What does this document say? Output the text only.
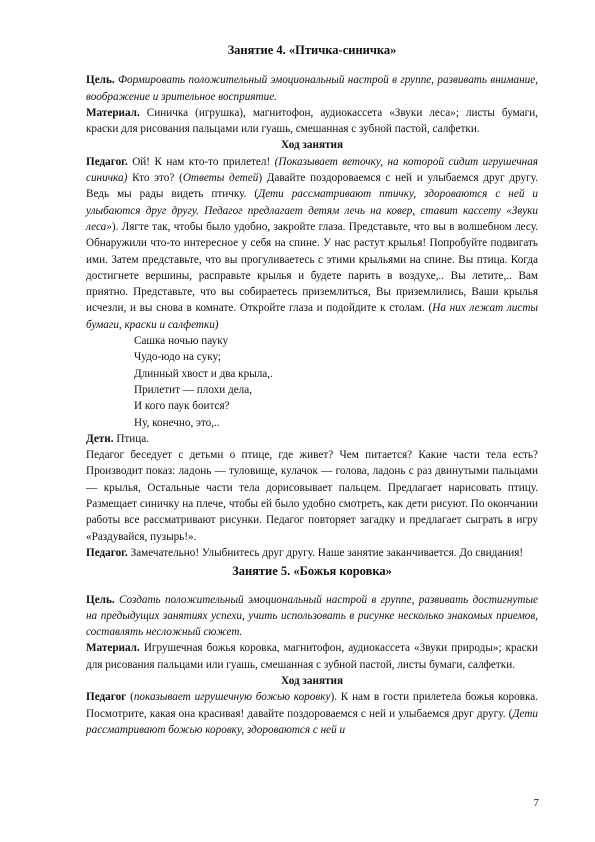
Занятие 4. «Птичка-синичка»

Цель. Формировать положительный эмоциональный настрой в группе, развивать внимание, воображение и зрительное восприятие.

Материал. Синичка (игрушка), магнитофон, аудиокассета «Звуки леса»; листы бумаги, краски для рисования пальцами или гуашь, смешанная с зубной пастой, салфетки.

Ход занятия

Педагог. Ой! К нам кто-то прилетел! (Показывает веточку, на которой сидит игрушечная синичка) Кто это? (Ответы детей) Давайте поздороваемся с ней и улыбаемся друг другу. Ведь мы рады видеть птичку. (Дети рассматривают птичку, здороваются с ней и улыбаются друг другу. Педагог предлагает детям лечь на ковер, ставит кассету «Звуки леса»). Лягте так, чтобы было удобно, закройте глаза. Представьте, что вы в волшебном лесу. Обнаружили что-то интересное у себя на спине. У нас растут крылья! Попробуйте подвигать ими. Затем представьте, что вы прогуливаетесь с этими крыльями на спине. Вы птица. Когда достигнете вершины, расправьте крылья и будете парить в воздухе,.. Вы летите,.. Вам приятно. Представьте, что вы собираетесь приземлиться, Вы приземлились, Ваши крылья исчезли, и вы снова в комнате. Откройте глаза и подойдите к столам. (На них лежат листы бумаги, краски и салфетки)

Сашка ночью пауку
Чудо-юдо на суку;
Длинный хвост и два крыла,.
Прилетит — плохи дела,
И кого паук боится?
Ну, конечно, это,..

Дети. Птица.

Педагог беседует с детьми о птице, где живет? Чем питается? Какие части тела есть? Производит показ: ладонь — туловище, кулачок — голова, ладонь с раз двинутыми пальцами — крылья, Остальные части тела дорисовывает пальцем. Предлагает нарисовать птицу. Размещает синичку на плече, чтобы ей было удобно смотреть, как дети рисуют. По окончании работы все рассматривают рисунки. Педагог повторяет загадку и предлагает сыграть в игру «Раздувайся, пузырь!».

Педагог. Замечательно! Улыбнитесь друг другу. Наше занятие заканчивается. До свидания!

Занятие 5. «Божья коровка»

Цель. Создать положительный эмоциональный настрой в группе, развивать достигнутые на предыдущих занятиях успехи, учить использовать в рисунке несколько знакомых приемов, составлять несложный сюжет.

Материал. Игрушечная божья коровка, магнитофон, аудиокассета «Звуки природы»; краски для рисования пальцами или гуашь, смешанная с зубной пастой, листы бумаги, салфетки.

Ход занятия

Педагог (показывает игрушечную божью коровку). К нам в гости прилетела божья коровка. Посмотрите, какая она красивая! давайте поздороваемся с ней и улыбаемся друг другу. (Дети рассматривают божью коровку, здороваются с ней и

7
